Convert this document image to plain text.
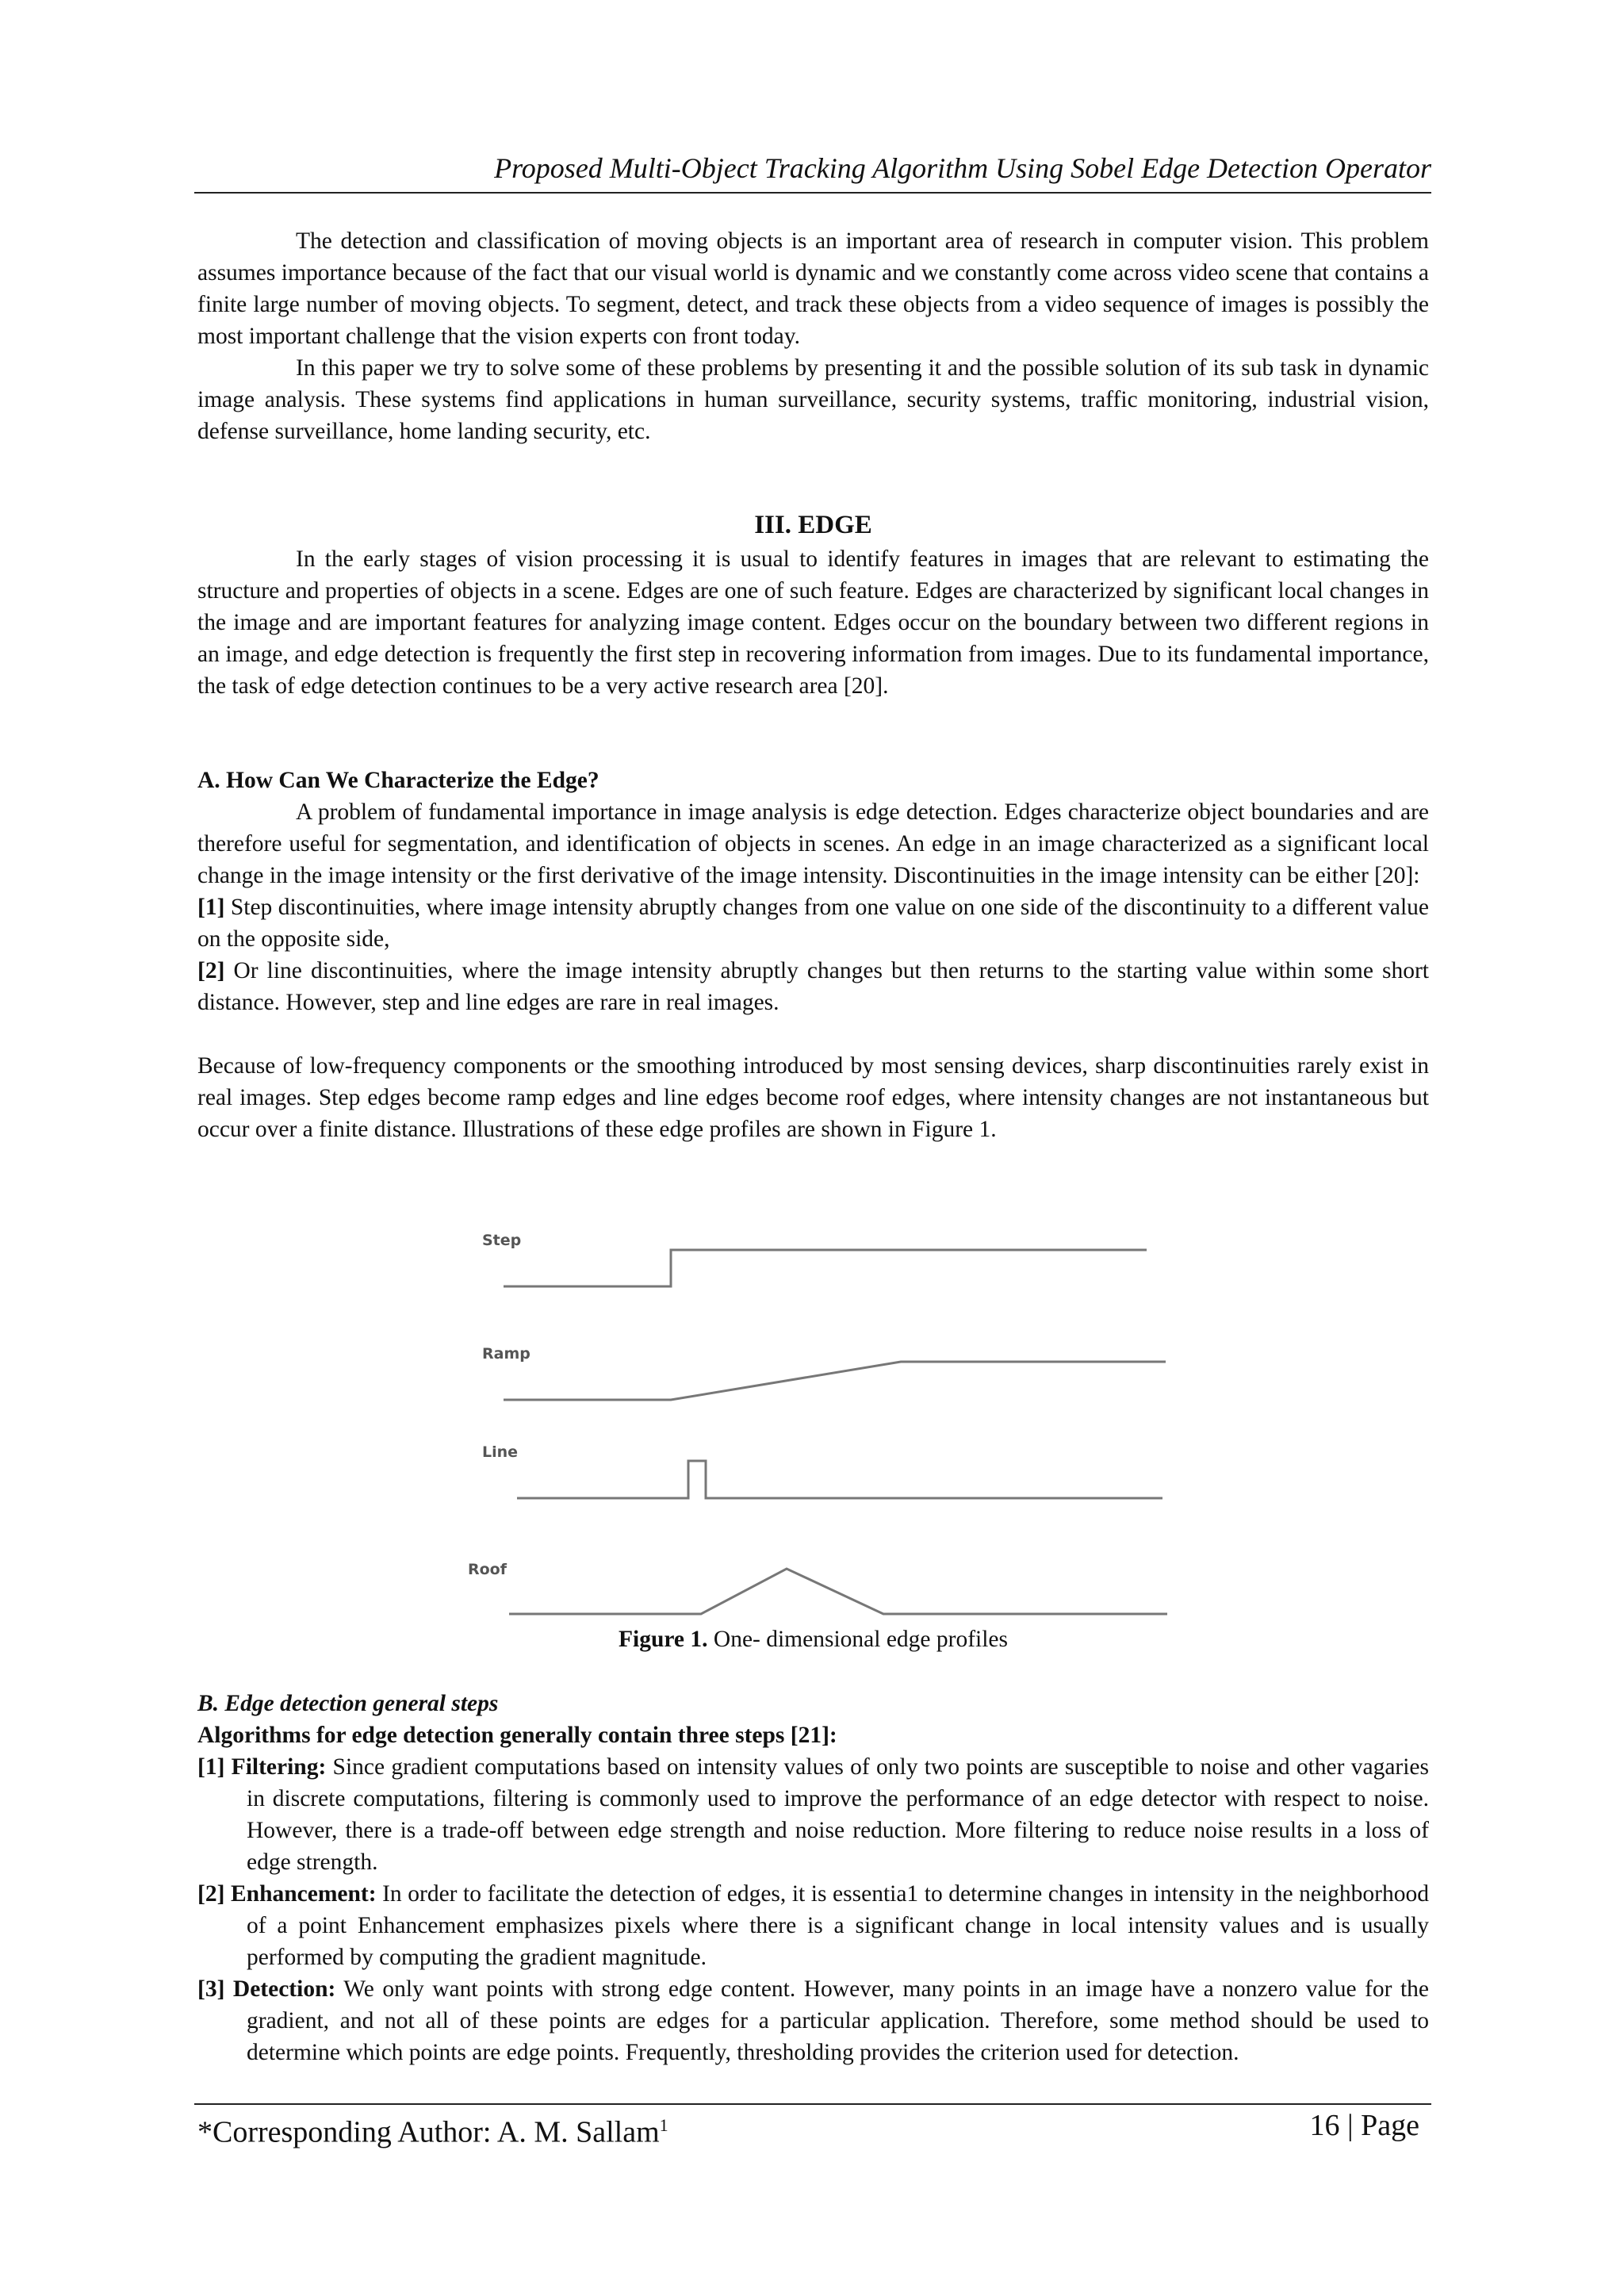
Proposed Multi-Object Tracking Algorithm Using Sobel Edge Detection Operator

The detection and classification of moving objects is an important area of research in computer vision. This problem assumes importance because of the fact that our visual world is dynamic and we constantly come across video scene that contains a finite large number of moving objects. To segment, detect, and track these objects from a video sequence of images is possibly the most important challenge that the vision experts con front today.

In this paper we try to solve some of these problems by presenting it and the possible solution of its sub task in dynamic image analysis. These systems find applications in human surveillance, security systems, traffic monitoring, industrial vision, defense surveillance, home landing security, etc.

III. EDGE

In the early stages of vision processing it is usual to identify features in images that are relevant to estimating the structure and properties of objects in a scene. Edges are one of such feature. Edges are characterized by significant local changes in the image and are important features for analyzing image content. Edges occur on the boundary between two different regions in an image, and edge detection is frequently the first step in recovering information from images. Due to its fundamental importance, the task of edge detection continues to be a very active research area [20].

A. How Can We Characterize the Edge?

A problem of fundamental importance in image analysis is edge detection. Edges characterize object boundaries and are therefore useful for segmentation, and identification of objects in scenes. An edge in an image characterized as a significant local change in the image intensity or the first derivative of the image intensity. Discontinuities in the image intensity can be either [20]:

[1] Step discontinuities, where image intensity abruptly changes from one value on one side of the discontinuity to a different value on the opposite side,

[2] Or line discontinuities, where the image intensity abruptly changes but then returns to the starting value within some short distance. However, step and line edges are rare in real images.

Because of low-frequency components or the smoothing introduced by most sensing devices, sharp discontinuities rarely exist in real images. Step edges become ramp edges and line edges become roof edges, where intensity changes are not instantaneous but occur over a finite distance. Illustrations of these edge profiles are shown in Figure 1.

Step
Ramp
Line
Roof
Figure 1. One- dimensional edge profiles
B. Edge detection general steps
Algorithms for edge detection generally contain three steps [21]:

[1] Filtering: Since gradient computations based on intensity values of only two points are susceptible to noise and other vagaries in discrete computations, filtering is commonly used to improve the performance of an edge detector with respect to noise. However, there is a trade-off between edge strength and noise reduction. More filtering to reduce noise results in a loss of edge strength.

[2] Enhancement: In order to facilitate the detection of edges, it is essentia1 to determine changes in intensity in the neighborhood of a point Enhancement emphasizes pixels where there is a significant change in local intensity values and is usually performed by computing the gradient magnitude.

[3] Detection: We only want points with strong edge content. However, many points in an image have a nonzero value for the gradient, and not all of these points are edges for a particular application. Therefore, some method should be used to determine which points are edge points. Frequently, thresholding provides the criterion used for detection.

*Corresponding Author: A. M. Sallam$^1$	16 | Page
